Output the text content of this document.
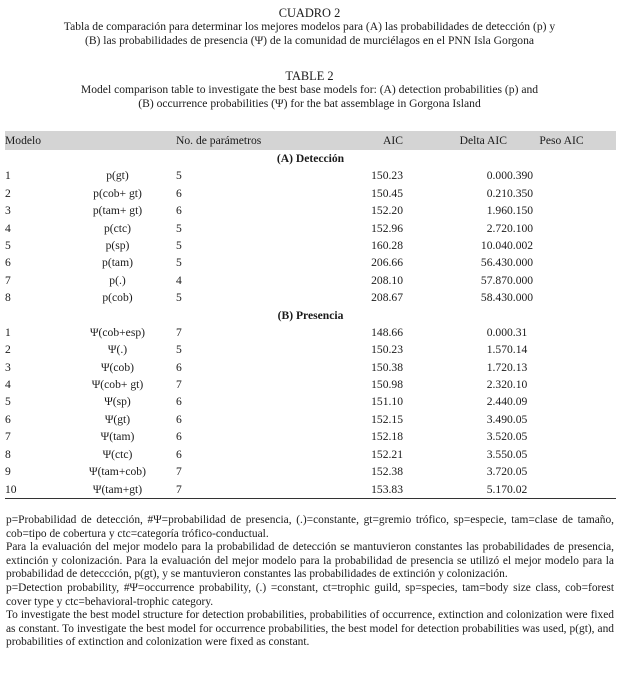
CUADRO 2
Tabla de comparación para determinar los mejores modelos para (A) las probabilidades de detección (p) y
(B) las probabilidades de presencia (Ψ) de la comunidad de murciélagos en el PNN Isla Gorgona
TABLE 2
Model comparison table to investigate the best base models for: (A) detection probabilities (p) and
(B) occurrence probabilities (Ψ) for the bat assemblage in Gorgona Island
Modelo		No. de parámetros	AIC	Delta AIC	Peso AIC
(A) Detección					
1	p(gt)	5	150.23	0.00	0.390
2	p(cob+ gt)	6	150.45	0.21	0.350
3	p(tam+ gt)	6	152.20	1.96	0.150
4	p(ctc)	5	152.96	2.72	0.100
5	p(sp)	5	160.28	10.04	0.002
6	p(tam)	5	206.66	56.43	0.000
7	p(.)	4	208.10	57.87	0.000
8	p(cob)	5	208.67	58.43	0.000
(B) Presencia					
1	Ψ(cob+esp)	7	148.66	0.00	0.31
2	Ψ(.)	5	150.23	1.57	0.14
3	Ψ(cob)	6	150.38	1.72	0.13
4	Ψ(cob+ gt)	7	150.98	2.32	0.10
5	Ψ(sp)	6	151.10	2.44	0.09
6	Ψ(gt)	6	152.15	3.49	0.05
7	Ψ(tam)	6	152.18	3.52	0.05
8	Ψ(ctc)	6	152.21	3.55	0.05
9	Ψ(tam+cob)	7	152.38	3.72	0.05
10	Ψ(tam+gt)	7	153.83	5.17	0.02

p=Probabilidad de detección, #Ψ=probabilidad de presencia, (.)=constante, gt=gremio trófico, sp=especie, tam=clase de tamaño, cob=tipo de cobertura y ctc=categoría trófico-conductual.

Para la evaluación del mejor modelo para la probabilidad de detección se mantuvieron constantes las probabilidades de presencia, extinción y colonización. Para la evaluación del mejor modelo para la probabilidad de presencia se utilizó el mejor modelo para la probabilidad de deteccción, p(gt), y se mantuvieron constantes las probabilidades de extinción y colonización.

p=Detection probability, #Ψ=occurrence probability, (.) =constant, ct=trophic guild, sp=species, tam=body size class, cob=forest cover type y ctc=behavioral-trophic category.

To investigate the best model structure for detection probabilities, probabilities of occurrence, extinction and colonization were fixed as constant. To investigate the best model for occurrence probabilities, the best model for detection probabilities was used, p(gt), and probabilities of extinction and colonization were fixed as constant.
